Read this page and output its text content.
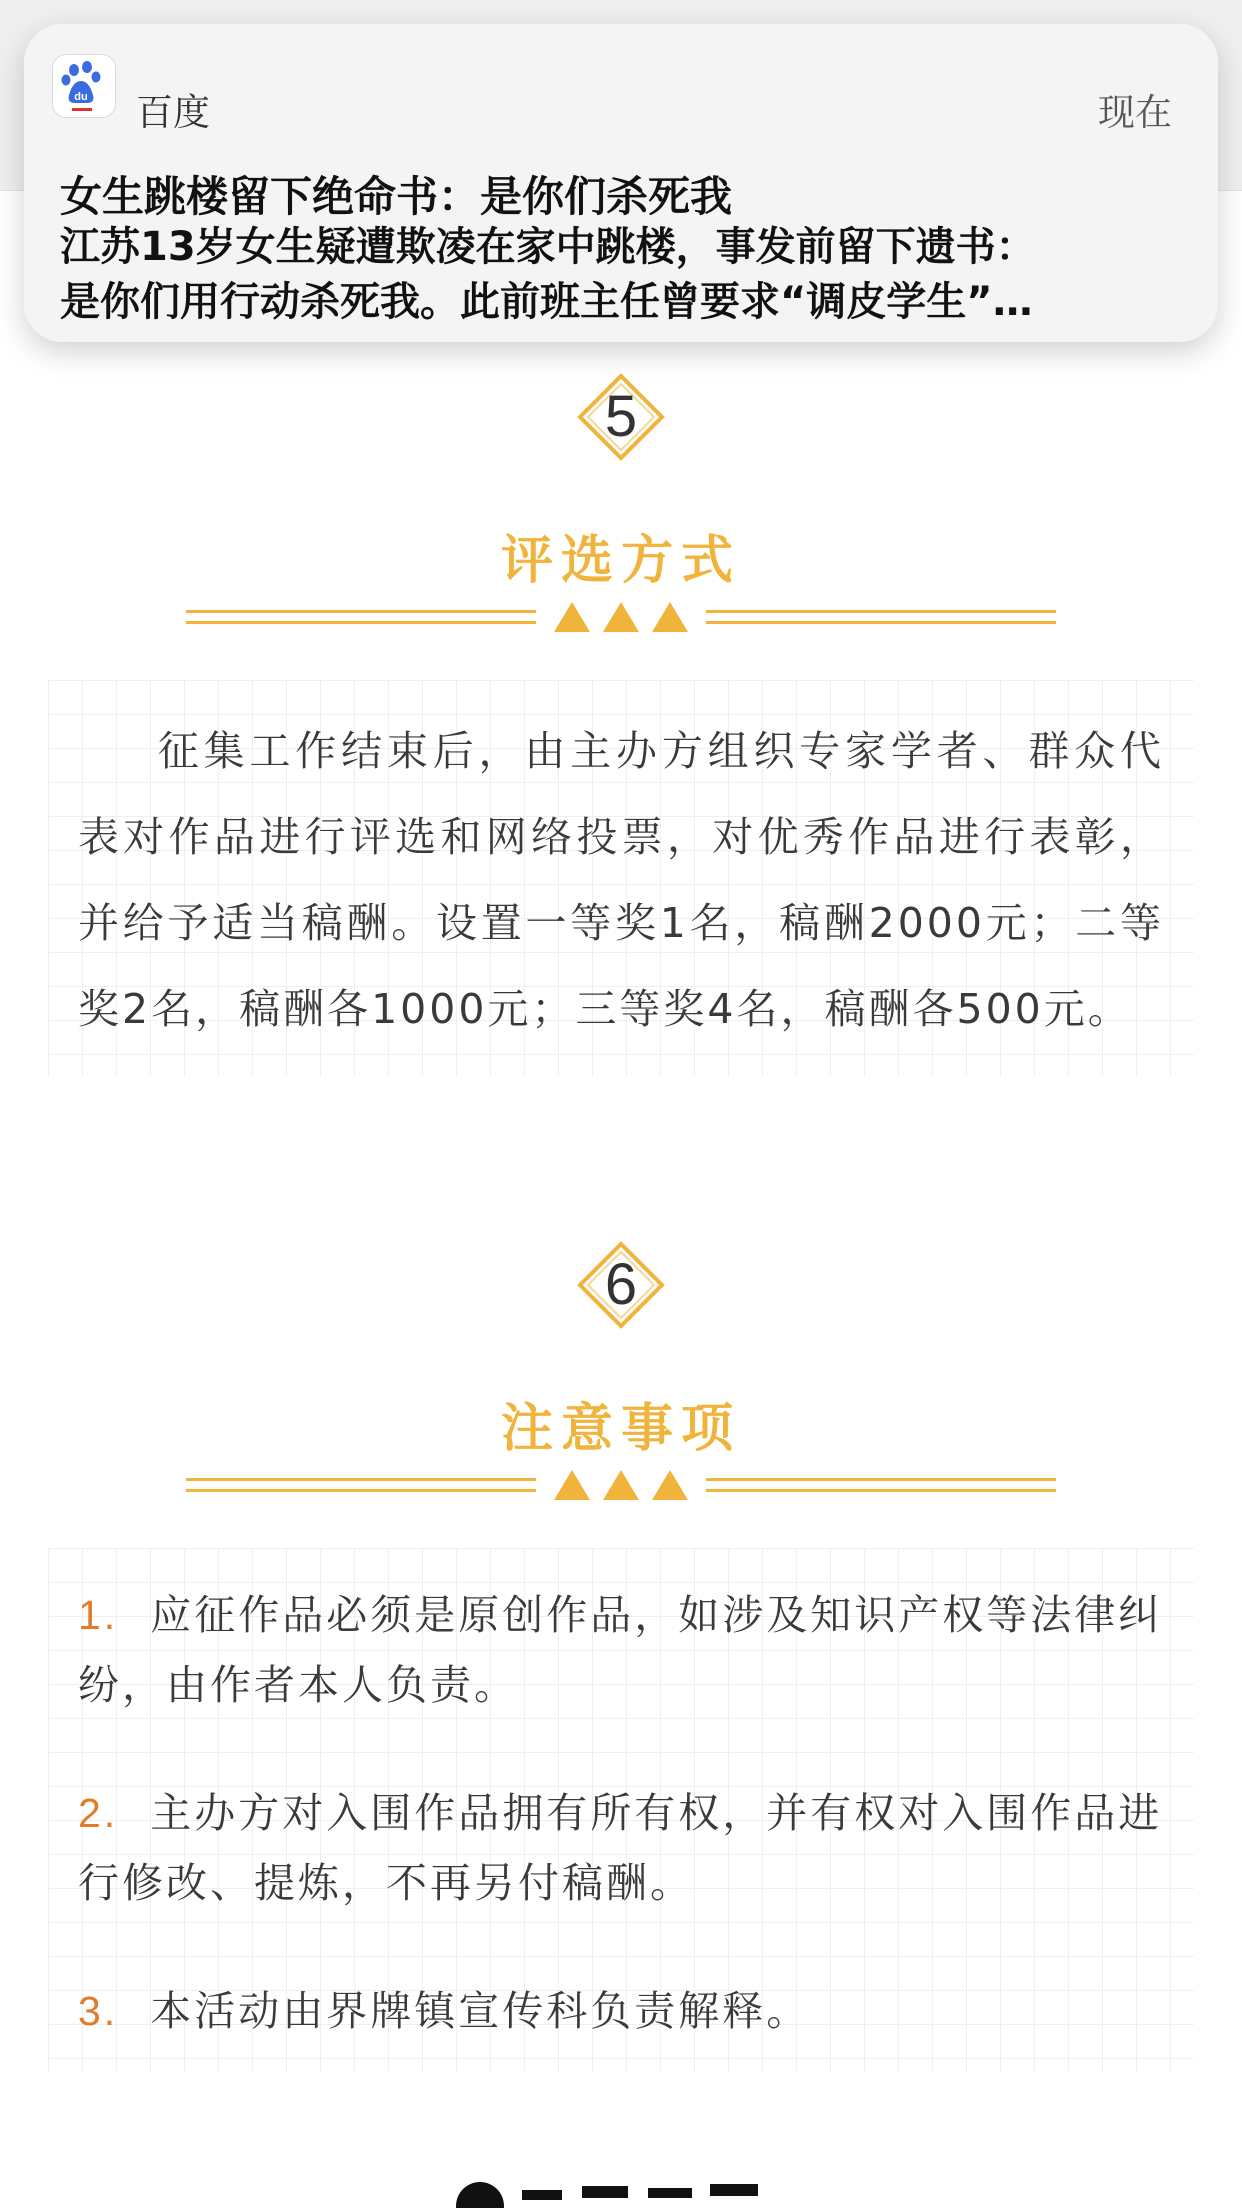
du 百度	现在
女生跳楼留下绝命书：是你们杀死我
江苏13岁女生疑遭欺凌在家中跳楼，事发前留下遗书：
是你们用行动杀死我。此前班主任曾要求“调皮学生”…
5
评选方式
征集工作结束后，由主办方组织专家学者、群众代表对作品进行评选和网络投票，对优秀作品进行表彰，并给予适当稿酬。设置一等奖1名，稿酬2000元；二等奖2名，稿酬各1000元；三等奖4名，稿酬各500元。
6
注意事项
1. 应征作品必须是原创作品，如涉及知识产权等法律纠纷，由作者本人负责。
2. 主办方对入围作品拥有所有权，并有权对入围作品进行修改、提炼，不再另付稿酬。
3. 本活动由界牌镇宣传科负责解释。
